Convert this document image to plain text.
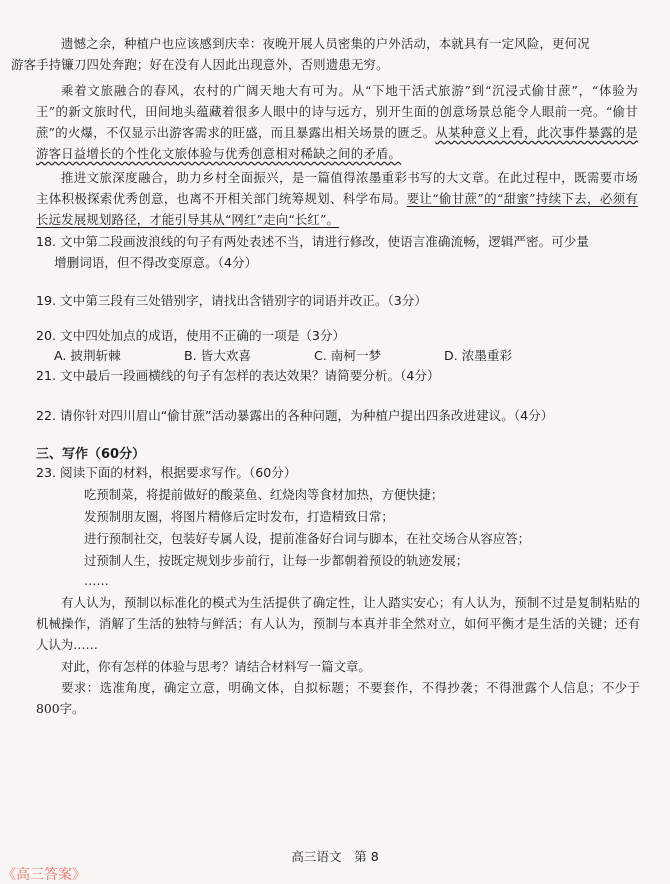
遗憾之余，种植户也应该感到庆幸：夜晚开展人员密集的户外活动，本就具有一定风险，更何况
游客手持镰刀四处奔跑；好在没有人因此出现意外，否则遗患无穷。

乘着文旅融合的春风，农村的广阔天地大有可为。从“下地干活式旅游”到“沉浸式偷甘蔗”，“体验为王”的新文旅时代，田间地头蕴藏着很多人眼中的诗与远方，别开生面的创意场景总能令人眼前一亮。“偷甘蔗”的火爆，不仅显示出游客需求的旺盛，而且暴露出相关场景的匮乏。从某种意义上看，此次事件暴露的是游客日益增长的个性化文旅体验与优秀创意相对稀缺之间的矛盾。

推进文旅深度融合，助力乡村全面振兴，是一篇值得浓墨重彩书写的大文章。在此过程中，既需要市场主体积极探索优秀创意，也离不开相关部门统筹规划、科学布局。要让“偷甘蔗”的“甜蜜”持续下去，必须有长远发展规划路径，才能引导其从“网红”走向“长红”。

18. 文中第二段画波浪线的句子有两处表述不当，请进行修改，使语言准确流畅，逻辑严密。可少量
增删词语，但不得改变原意。（4分）

19. 文中第三段有三处错别字，请找出含错别字的词语并改正。（3分）

20. 文中四处加点的成语，使用不正确的一项是（3分）

A. 披荆斩棘	B. 皆大欢喜	C. 南柯一梦	D. 浓墨重彩

21. 文中最后一段画横线的句子有怎样的表达效果？请简要分析。（4分）

22. 请你针对四川眉山“偷甘蔗”活动暴露出的各种问题，为种植户提出四条改进建议。（4分）

三、写作（60分）

23. 阅读下面的材料，根据要求写作。（60分）

吃预制菜，将提前做好的酸菜鱼、红烧肉等食材加热，方便快捷；

发预制朋友圈，将图片精修后定时发布，打造精致日常；

进行预制社交，包装好专属人设，提前准备好台词与脚本，在社交场合从容应答；

过预制人生，按既定规划步步前行，让每一步都朝着预设的轨迹发展；

……

有人认为，预制以标准化的模式为生活提供了确定性，让人踏实安心；有人认为，预制不过是复制粘贴的机械操作，消解了生活的独特与鲜活；有人认为，预制与本真并非全然对立，如何平衡才是生活的关键；还有人认为……

对此，你有怎样的体验与思考？请结合材料写一篇文章。

要求：选准角度，确定立意，明确文体，自拟标题；不要套作，不得抄袭；不得泄露个人信息；不少于800字。

高三语文　第 8
《高三答案》
